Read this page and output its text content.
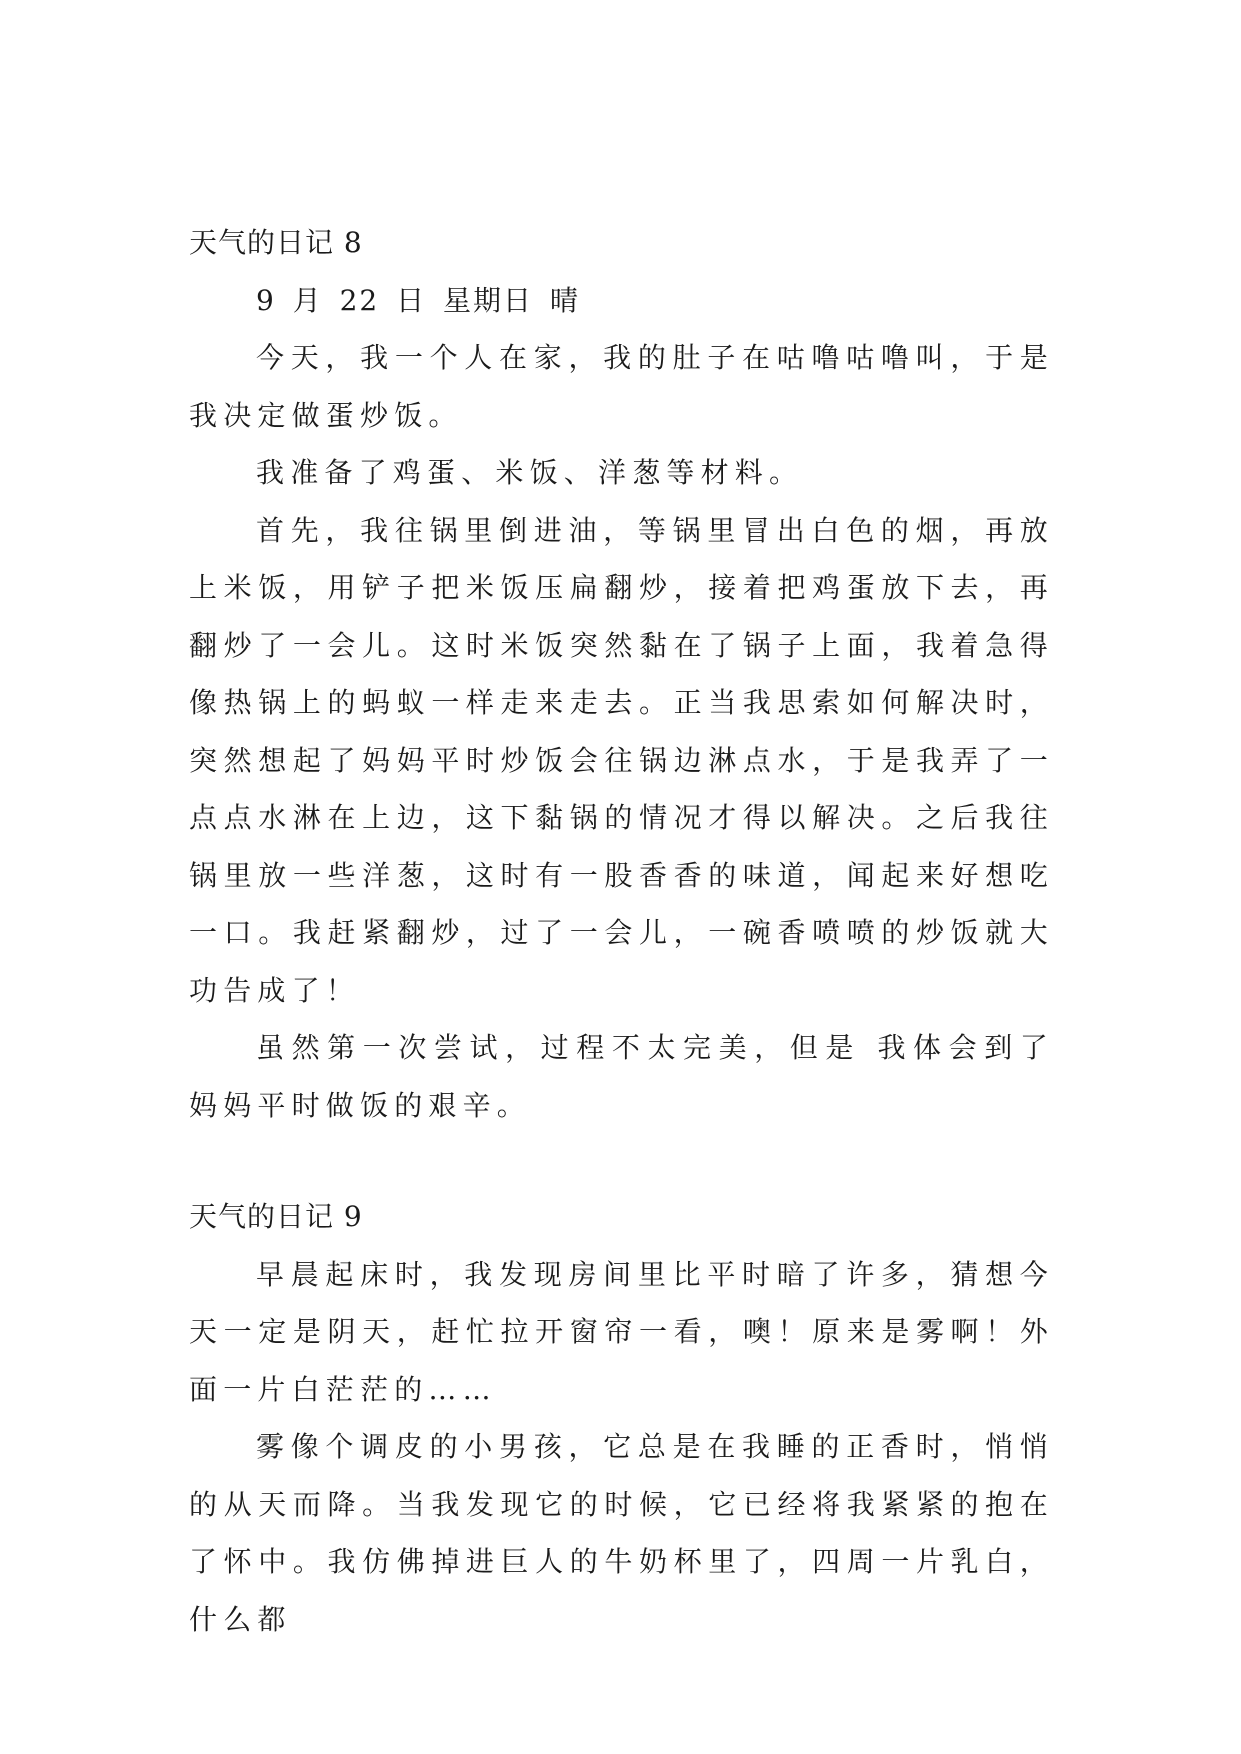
天气的日记 8

9 月 22 日 星期日 晴

今天，我一个人在家，我的肚子在咕噜咕噜叫，于是我决定做蛋炒饭。

我准备了鸡蛋、米饭、洋葱等材料。

首先，我往锅里倒进油，等锅里冒出白色的烟，再放上米饭，用铲子把米饭压扁翻炒，接着把鸡蛋放下去，再翻炒了一会儿。这时米饭突然黏在了锅子上面，我着急得像热锅上的蚂蚁一样走来走去。正当我思索如何解决时，突然想起了妈妈平时炒饭会往锅边淋点水，于是我弄了一点点水淋在上边，这下黏锅的情况才得以解决。之后我往锅里放一些洋葱，这时有一股香香的味道，闻起来好想吃一口。我赶紧翻炒，过了一会儿，一碗香喷喷的炒饭就大功告成了！

虽然第一次尝试，过程不太完美，但是 我体会到了妈妈平时做饭的艰辛。

天气的日记 9

早晨起床时，我发现房间里比平时暗了许多，猜想今天一定是阴天，赶忙拉开窗帘一看，噢！原来是雾啊！外面一片白茫茫的……

雾像个调皮的小男孩，它总是在我睡的正香时，悄悄的从天而降。当我发现它的时候，它已经将我紧紧的抱在了怀中。我仿佛掉进巨人的牛奶杯里了，四周一片乳白，什么都
